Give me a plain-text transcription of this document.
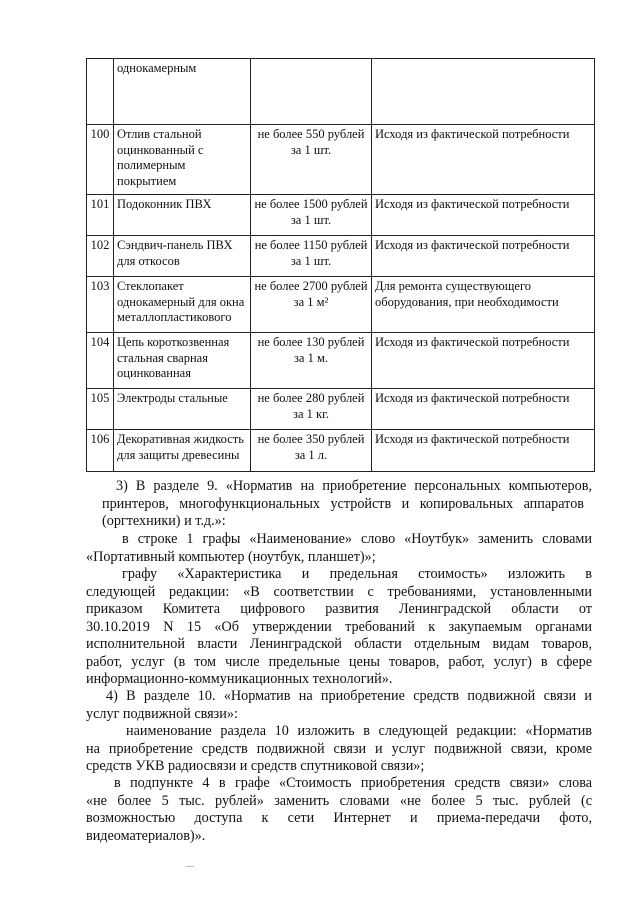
	однокамерным		
100	Отлив стальной оцинкованный с полимерным покрытием	не более 550 рублей за 1 шт.	Исходя из фактической потребности
101	Подоконник ПВХ	не более 1500 рублей за 1 шт.	Исходя из фактической потребности
102	Сэндвич-панель ПВХ для откосов	не более 1150 рублей за 1 шт.	Исходя из фактической потребности
103	Стеклопакет однокамерный для окна металлопластикового	не более 2700 рублей за 1 м²	Для ремонта существующего оборудования, при необходимости
104	Цепь короткозвенная стальная сварная оцинкованная	не более 130 рублей за 1 м.	Исходя из фактической потребности
105	Электроды стальные	не более 280 рублей за 1 кг.	Исходя из фактической потребности
106	Декоративная жидкость для защиты древесины	не более 350 рублей за 1 л.	Исходя из фактической потребности
3) В разделе 9. «Норматив на приобретение персональных компьютеров,
принтеров, многофункциональных устройств и копировальных аппаратов
(оргтехники) и т.д.»:
в строке 1 графы «Наименование» слово «Ноутбук» заменить словами
«Портативный компьютер (ноутбук, планшет)»;
графу «Характеристика и предельная стоимость» изложить в
следующей редакции: «В соответствии с требованиями, установленными
приказом Комитета цифрового развития Ленинградской области от
30.10.2019 N 15 «Об утверждении требований к закупаемым органами
исполнительной власти Ленинградской области отдельным видам товаров,
работ, услуг (в том числе предельные цены товаров, работ, услуг) в сфере
информационно-коммуникационных технологий».
4) В разделе 10. «Норматив на приобретение средств подвижной связи и
услуг подвижной связи»:
наименование раздела 10 изложить в следующей редакции: «Норматив
на приобретение средств подвижной связи и услуг подвижной связи, кроме
средств УКВ радиосвязи и средств спутниковой связи»;
в подпункте 4 в графе «Стоимость приобретения средств связи» слова
«не более 5 тыс. рублей» заменить словами «не более 5 тыс. рублей (с
возможностью доступа к сети Интернет и приема-передачи фото,
видеоматериалов)».
